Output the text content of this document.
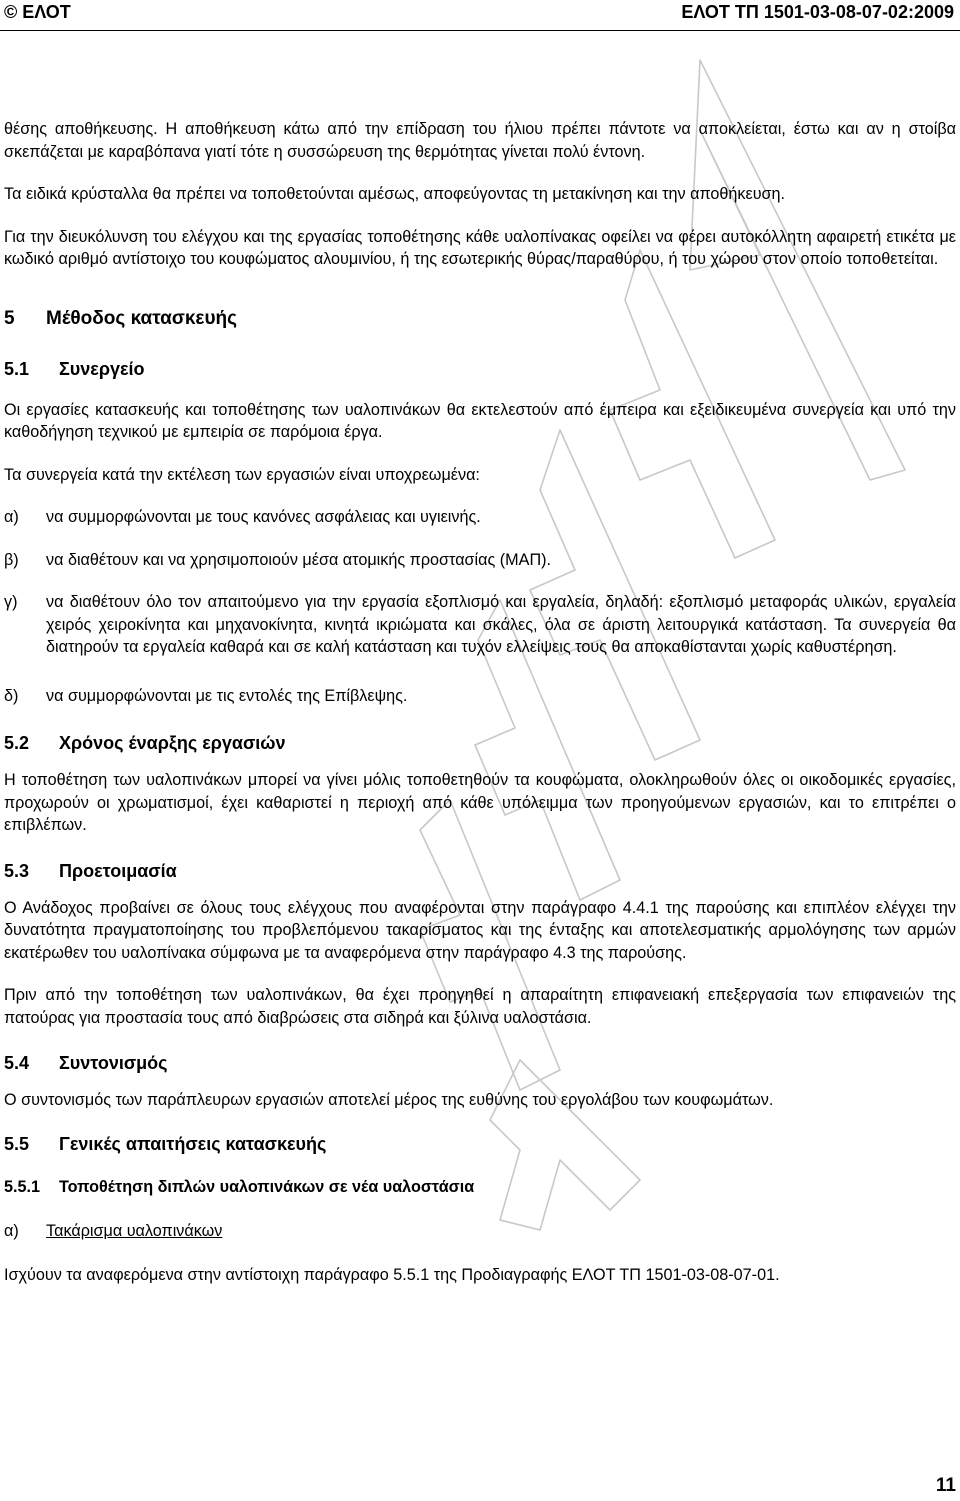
© ΕΛΟΤ	ΕΛΟΤ ΤΠ 1501-03-08-07-02:2009

θέσης αποθήκευσης. Η αποθήκευση κάτω από την επίδραση του ήλιου πρέπει πάντοτε να αποκλείεται, έστω και αν η στοίβα σκεπάζεται με καραβόπανα γιατί τότε η συσσώρευση της θερμότητας γίνεται πολύ έντονη.

Τα ειδικά κρύσταλλα θα πρέπει να τοποθετούνται αμέσως, αποφεύγοντας τη μετακίνηση και την αποθήκευση.

Για την διευκόλυνση του ελέγχου και της εργασίας τοποθέτησης κάθε υαλοπίνακας οφείλει να φέρει αυτοκόλλητη αφαιρετή ετικέτα με κωδικό αριθμό αντίστοιχο του κουφώματος αλουμινίου, ή της εσωτερικής θύρας/παραθύρου, ή του χώρου στον οποίο τοποθετείται.

5	Μέθοδος κατασκευής
5.1	Συνεργείο

Οι εργασίες κατασκευής και τοποθέτησης των υαλοπινάκων θα εκτελεστούν από έμπειρα και εξειδικευμένα συνεργεία και υπό την καθοδήγηση τεχνικού με εμπειρία σε παρόμοια έργα.

Τα συνεργεία κατά την εκτέλεση των εργασιών είναι υποχρεωμένα:

α)	να συμμορφώνονται με τους κανόνες ασφάλειας και υγιεινής.
β)	να διαθέτουν και να χρησιμοποιούν μέσα ατομικής προστασίας (ΜΑΠ).
γ)	να διαθέτουν όλο τον απαιτούμενο για την εργασία εξοπλισμό και εργαλεία, δηλαδή: εξοπλισμό μεταφοράς υλικών, εργαλεία χειρός χειροκίνητα και μηχανοκίνητα, κινητά ικριώματα και σκάλες, όλα σε άριστη λειτουργικά κατάσταση. Τα συνεργεία θα διατηρούν τα εργαλεία καθαρά και σε καλή κατάσταση και τυχόν ελλείψεις τους θα αποκαθίστανται χωρίς καθυστέρηση.
δ)	να συμμορφώνονται με τις εντολές της Επίβλεψης.
5.2	Χρόνος έναρξης εργασιών

Η τοποθέτηση των υαλοπινάκων μπορεί να γίνει μόλις τοποθετηθούν τα κουφώματα, ολοκληρωθούν όλες οι οικοδομικές εργασίες, προχωρούν οι χρωματισμοί, έχει καθαριστεί η περιοχή από κάθε υπόλειμμα των προηγούμενων εργασιών, και το επιτρέπει ο επιβλέπων.

5.3	Προετοιμασία

Ο Ανάδοχος προβαίνει σε όλους τους ελέγχους που αναφέρονται στην παράγραφο 4.4.1 της παρούσης και επιπλέον ελέγχει την δυνατότητα πραγματοποίησης του προβλεπόμενου τακαρίσματος και της ένταξης και αποτελεσματικής αρμολόγησης των αρμών εκατέρωθεν του υαλοπίνακα σύμφωνα με τα αναφερόμενα στην παράγραφο 4.3 της παρούσης.

Πριν από την τοποθέτηση των υαλοπινάκων, θα έχει προηγηθεί η απαραίτητη επιφανειακή επεξεργασία των επιφανειών της πατούρας για προστασία τους από διαβρώσεις στα σιδηρά και ξύλινα υαλοστάσια.

5.4	Συντονισμός

Ο συντονισμός των παράπλευρων εργασιών αποτελεί μέρος της ευθύνης του εργολάβου των κουφωμάτων.

5.5	Γενικές απαιτήσεις κατασκευής
5.5.1	Τοποθέτηση διπλών υαλοπινάκων σε νέα υαλοστάσια
α)	Τακάρισμα υαλοπινάκων

Ισχύουν τα αναφερόμενα στην αντίστοιχη παράγραφο 5.5.1 της Προδιαγραφής ΕΛΟΤ ΤΠ 1501-03-08-07-01.

11
